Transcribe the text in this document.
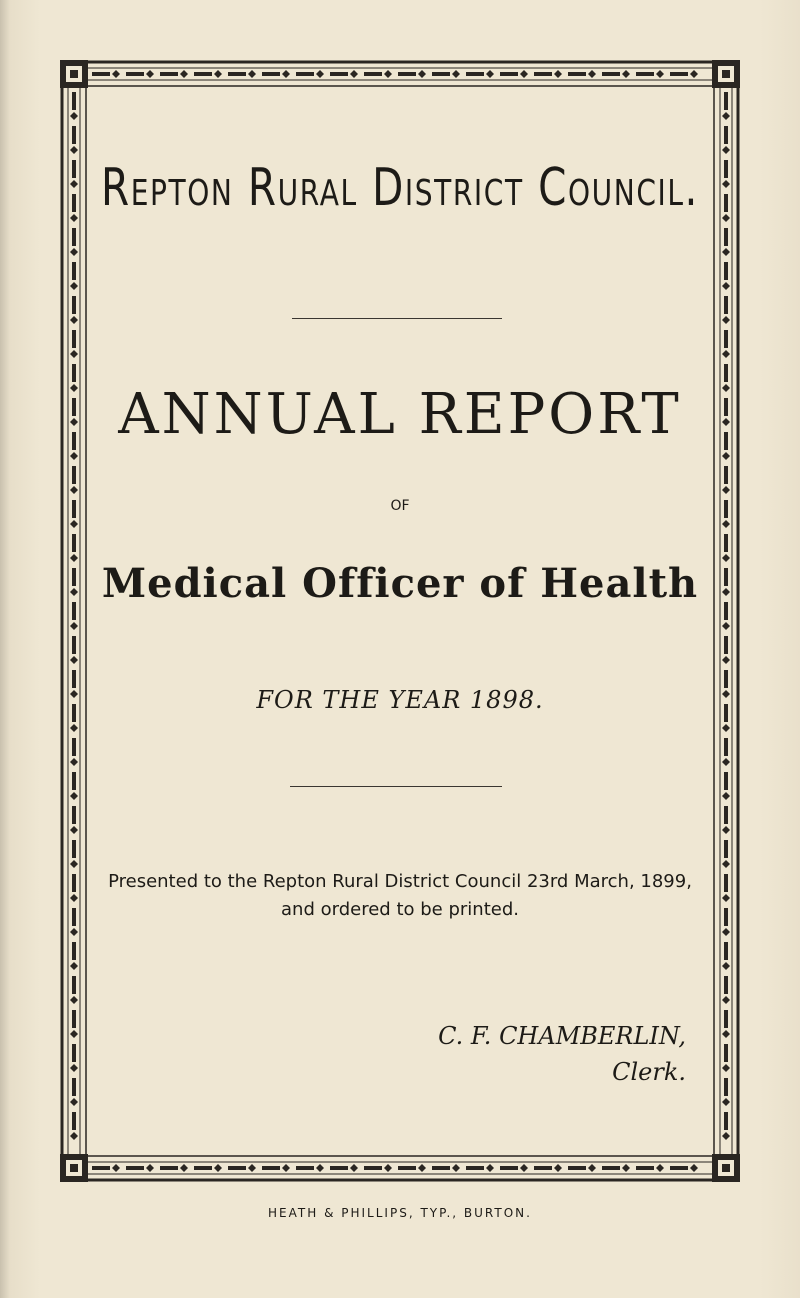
Repton Rural District Council.
ANNUAL REPORT
OF
Medical Officer of Health
FOR THE YEAR 1898.
Presented to the Repton Rural District Council 23rd March, 1899,
and ordered to be printed.
C. F. CHAMBERLIN,
Clerk.
HEATH & PHILLIPS, TYP., BURTON.
